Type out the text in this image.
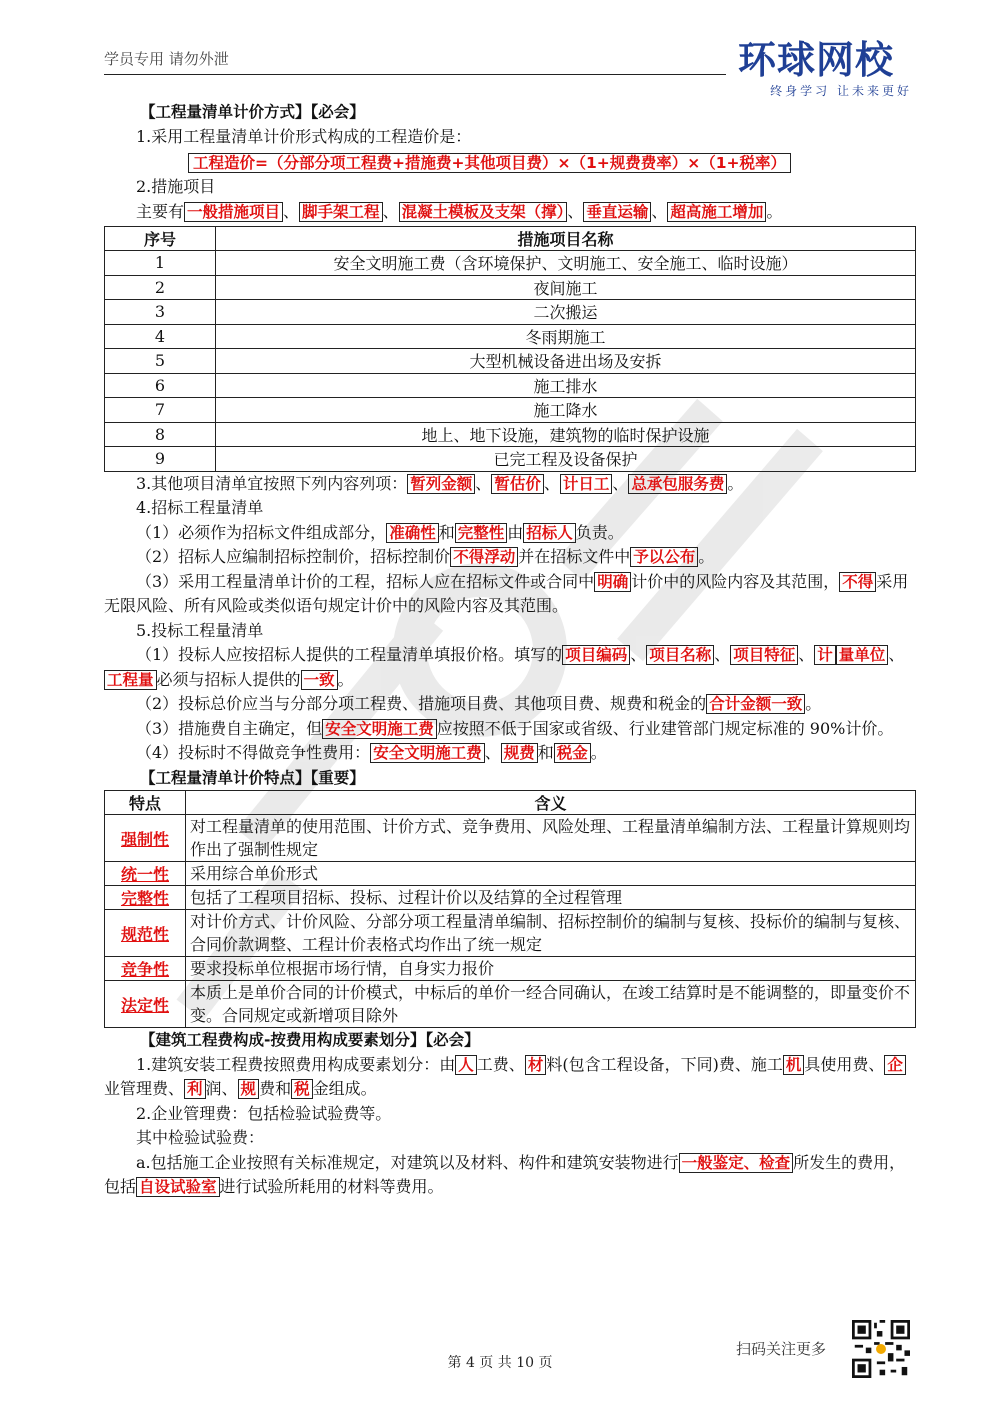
学员专用 请勿外泄	环球网校
终身学习 让未来更好

【工程量清单计价方式】【必会】

1.采用工程量清单计价形式构成的工程造价是：

工程造价=（分部分项工程费+措施费+其他项目费）×（1+规费费率）×（1+税率）

2.措施项目

主要有 一般措施项目 、 脚手架工程 、 混凝土模板及支架（撑） 、 垂直运输 、 超高施工增加 。

序号	措施项目名称
1	安全文明施工费（含环境保护、文明施工、安全施工、临时设施）
2	夜间施工
3	二次搬运
4	冬雨期施工
5	大型机械设备进出场及安拆
6	施工排水
7	施工降水
8	地上、地下设施，建筑物的临时保护设施
9	已完工程及设备保护

3.其他项目清单宜按照下列内容列项： 暂列金额 、 暂估价 、 计日工 、 总承包服务费 。

4.招标工程量清单

（1）必须作为招标文件组成部分， 准确性 和 完整性 由 招标人 负责。

（2）招标人应编制招标控制价，招标控制价 不得浮动 并在招标文件中 予以公布 。

（3）采用工程量清单计价的工程，招标人应在招标文件或合同中 明确 计价中的风险内容及其范围， 不得 采用无限风险、所有风险或类似语句规定计价中的风险内容及其范围。

5.投标工程量清单

（1）投标人应按招标人提供的工程量清单填报价格。填写的 项目编码 、 项目名称 、 项目特征 、 计 量单位 、工程量 必须与招标人提供的 一致 。

（2）投标总价应当与分部分项工程费、措施项目费、其他项目费、规费和税金的 合计金额一致 。

（3）措施费自主确定，但 安全文明施工费 应按照不低于国家或省级、行业建管部门规定标准的 90%计价。

（4）投标时不得做竞争性费用： 安全文明施工费 、 规费 和 税金 。

【工程量清单计价特点】【重要】

特点	含义
强制性	对工程量清单的使用范围、计价方式、竞争费用、风险处理、工程量清单编制方法、工程量计算规则均作出了强制性规定
统一性	采用综合单价形式
完整性	包括了工程项目招标、投标、过程计价以及结算的全过程管理
规范性	对计价方式、计价风险、分部分项工程量清单编制、招标控制价的编制与复核、投标价的编制与复核、合同价款调整、工程计价表格式均作出了统一规定
竞争性	要求投标单位根据市场行情，自身实力报价
法定性	本质上是单价合同的计价模式，中标后的单价一经合同确认，在竣工结算时是不能调整的，即量变价不变。合同规定或新增项目除外

【建筑工程费构成-按费用构成要素划分】【必会】

1.建筑安装工程费按照费用构成要素划分：由 人 工费、 材 料(包含工程设备，下同)费、施工 机 具使用费、 企业管理费、 利 润、 规 费和 税 金组成。

2.企业管理费：包括检验试验费等。

其中检验试验费：

a.包括施工企业按照有关标准规定，对建筑以及材料、构件和建筑安装物进行 一般鉴定、检查 所发生的费用，包括 自设试验室 进行试验所耗用的材料等费用。

扫码关注更多
第 4 页 共 10 页
